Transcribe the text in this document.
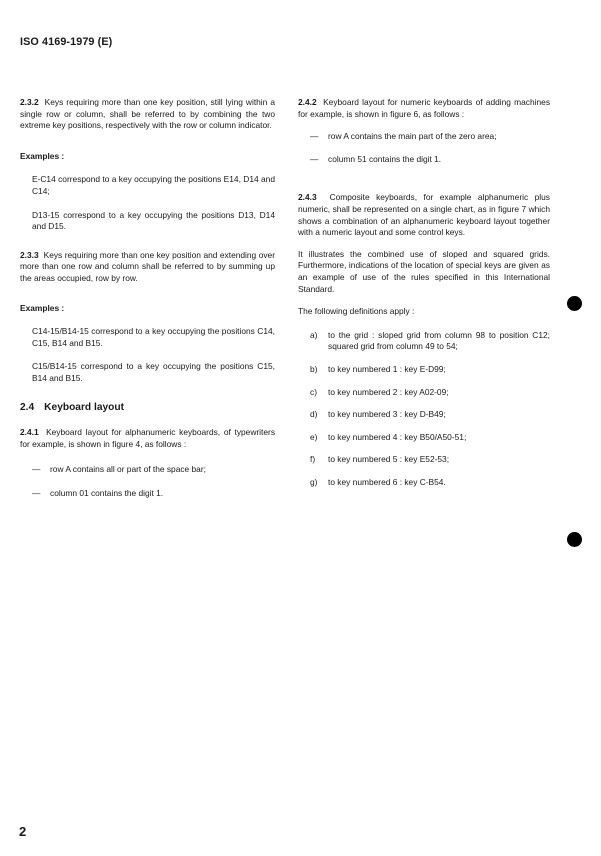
ISO 4169-1979 (E)

2.3.2 Keys requiring more than one key position, still lying within a single row or column, shall be referred to by combining the two extreme key positions, respectively with the row or column indicator.

Examples :

E-C14 correspond to a key occupying the positions E14, D14 and C14;

D13-15 correspond to a key occupying the positions D13, D14 and D15.

2.3.3 Keys requiring more than one key position and extending over more than one row and column shall be referred to by summing up the areas occupied, row by row.

Examples :

C14-15/B14-15 correspond to a key occupying the positions C14, C15, B14 and B15.

C15/B14-15 correspond to a key occupying the positions C15, B14 and B15.

2.4 Keyboard layout

2.4.1 Keyboard layout for alphanumeric keyboards, of typewriters for example, is shown in figure 4, as follows :

— row A contains all or part of the space bar;

— column 01 contains the digit 1.

2.4.2 Keyboard layout for numeric keyboards of adding machines for example, is shown in figure 6, as follows :

— row A contains the main part of the zero area;

— column 51 contains the digit 1.

2.4.3 Composite keyboards, for example alphanumeric plus numeric, shall be represented on a single chart, as in figure 7 which shows a combination of an alphanumeric keyboard layout together with a numeric layout and some control keys.

It illustrates the combined use of sloped and squared grids. Furthermore, indications of the location of special keys are given as an example of use of the rules specified in this International Standard.

The following definitions apply :

a) to the grid : sloped grid from column 98 to position C12; squared grid from column 49 to 54;

b) to key numbered 1 : key E-D99;

c) to key numbered 2 : key A02-09;

d) to key numbered 3 : key D-B49;

e) to key numbered 4 : key B50/A50-51;

f) to key numbered 5 : key E52-53;

g) to key numbered 6 : key C-B54.

2
